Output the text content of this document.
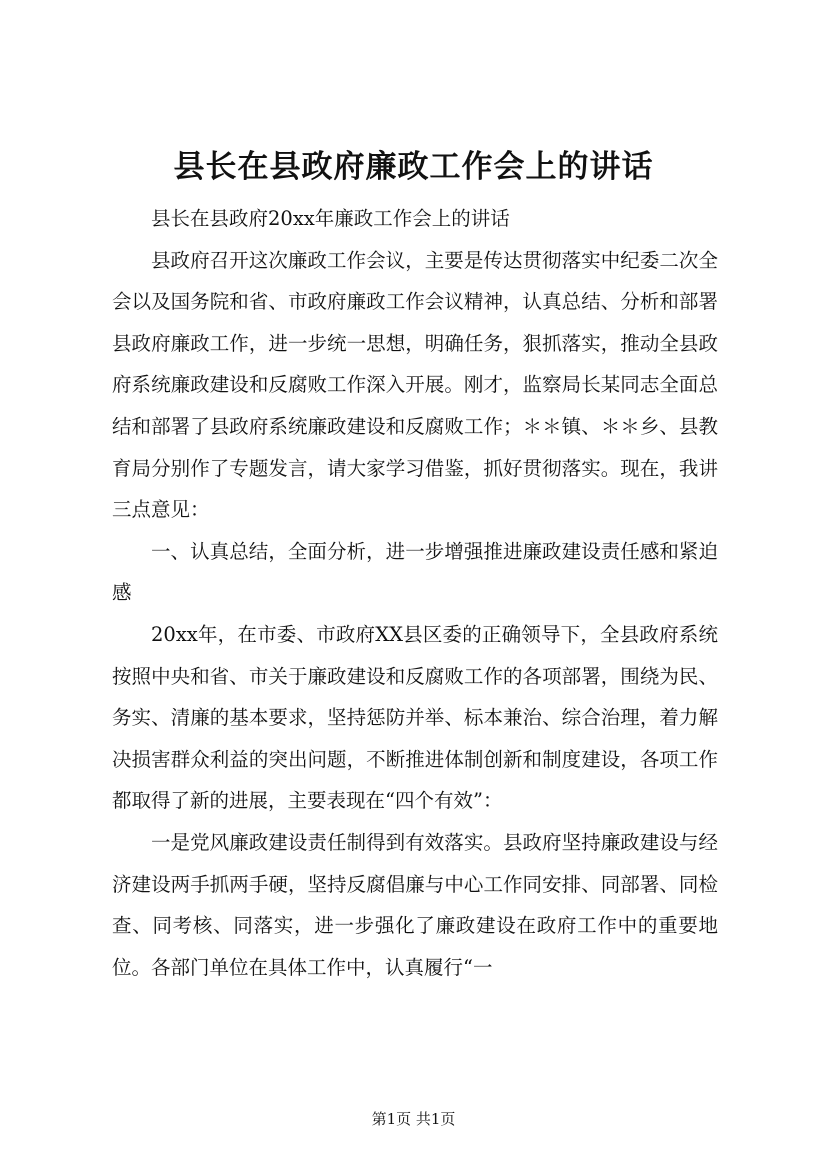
县长在县政府廉政工作会上的讲话

县长在县政府20xx年廉政工作会上的讲话

县政府召开这次廉政工作会议，主要是传达贯彻落实中纪委二次全会以及国务院和省、市政府廉政工作会议精神，认真总结、分析和部署县政府廉政工作，进一步统一思想，明确任务，狠抓落实，推动全县政府系统廉政建设和反腐败工作深入开展。刚才，监察局长某同志全面总结和部署了县政府系统廉政建设和反腐败工作；＊＊镇、＊＊乡、县教育局分别作了专题发言，请大家学习借鉴，抓好贯彻落实。现在，我讲三点意见：

一、认真总结，全面分析，进一步增强推进廉政建设责任感和紧迫感

20xx年，在市委、市政府XX县区委的正确领导下，全县政府系统按照中央和省、市关于廉政建设和反腐败工作的各项部署，围绕为民、务实、清廉的基本要求，坚持惩防并举、标本兼治、综合治理，着力解决损害群众利益的突出问题，不断推进体制创新和制度建设，各项工作都取得了新的进展，主要表现在“四个有效”：

一是党风廉政建设责任制得到有效落实。县政府坚持廉政建设与经济建设两手抓两手硬，坚持反腐倡廉与中心工作同安排、同部署、同检查、同考核、同落实，进一步强化了廉政建设在政府工作中的重要地位。各部门单位在具体工作中，认真履行“一

第1页 共1页
